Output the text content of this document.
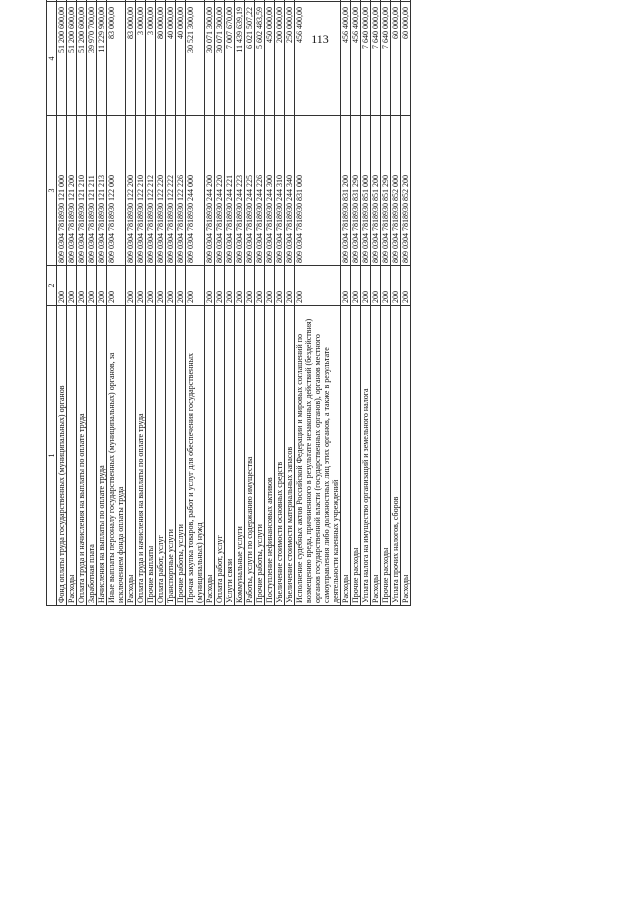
113
1	2	3	4		
Фонд оплаты труда государственных (муниципальных) органов	200	809 0304 7818930 121 000	51 200 600,00		
Расходы	200	809 0304 7818930 121 200	51 200 600,00		
Оплата труда и начисления на выплаты по оплате труда	200	809 0304 7818930 121 210	51 200 600,00		
Заработная плата	200	809 0304 7818930 121 211	39 970 700,00		
Начисления на выплаты по оплате труда	200	809 0304 7818930 121 213	11 229 900,00		
Иные выплаты персоналу государственных (муниципальных) органов, за исключением фонда оплаты труда	200	809 0304 7818930 122 000	83 000,00		
Расходы	200	809 0304 7818930 122 200	83 000,00		
Оплата труда и начисления на выплаты по оплате труда	200	809 0304 7818930 122 210	3 000,00		
Прочие выплаты	200	809 0304 7818930 122 212	3 000,00		
Оплата работ, услуг	200	809 0304 7818930 122 220	80 000,00		
Транспортные услуги	200	809 0304 7818930 122 222	40 000,00		
Прочие работы, услуги	200	809 0304 7818930 122 226	40 000,00		
Прочая закупка товаров, работ и услуг для обеспечения государственных (муниципальных) нужд	200	809 0304 7818930 244 000	30 521 300,00		
Расходы	200	809 0304 7818930 244 200	30 071 300,00		
Оплата работ, услуг	200	809 0304 7818930 244 220	30 071 300,00		
Услуги связи	200	809 0304 7818930 244 221	7 007 670,00		
Коммунальные услуги	200	809 0304 7818930 244 223	11 439 639,19		
Работы, услуги по содержанию имущества	200	809 0304 7818930 244 225	6 021 507,22		
Прочие работы, услуги	200	809 0304 7818930 244 226	5 602 483,59		
Поступление нефинансовых активов	200	809 0304 7818930 244 300	450 000,00		
Увеличение стоимости основных средств	200	809 0304 7818930 244 310	200 000,00		
Увеличение стоимости материальных запасов	200	809 0304 7818930 244 340	250 000,00		
Исполнение судебных актов Российской Федерации и мировых соглашений по возмещению вреда, причиненного в результате незаконных действий (бездействия) органов государственной власти (государственных органов), органов местного самоуправления либо должностных лиц этих органов, а также в результате деятельности казенных учреждений	200	809 0304 7818930 831 000	456 400,00		
Расходы	200	809 0304 7818930 831 200	456 400,00		
Прочие расходы	200	809 0304 7818930 831 290	456 400,00		
Уплата налога на имущество организаций и земельного налога	200	809 0304 7818930 851 000	7 640 000,00		
Расходы	200	809 0304 7818930 851 200	7 640 000,00		
Прочие расходы	200	809 0304 7818930 851 290	7 640 000,00		
Уплата прочих налогов, сборов	200	809 0304 7818930 852 000	60 000,00		
Расходы	200	809 0304 7818930 852 200	60 000,00		
